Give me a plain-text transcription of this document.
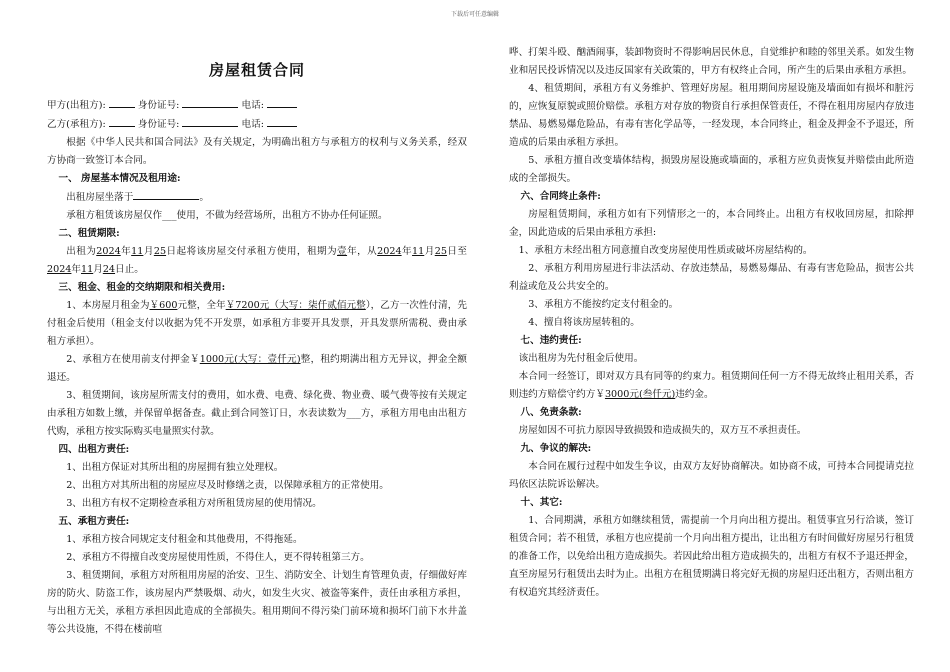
下载后可任意编辑
房屋租赁合同

甲方(出租方):	身份证号:	电话:

乙方(承租方):	身份证号:	电话:

根据《中华人民共和国合同法》及有关规定，为明确出租方与承租方的权利与义务关系，经双方协商一致签订本合同。

一、 房屋基本情况及租用途:

出租房屋坐落于	。

承租方租赁该房屋仅作___使用，不做为经营场所，出租方不协办任何证照。

二、租赁期限:

出租为2024年11月25日起将该房屋交付承租方使用，租期为壹年，从2024年11月25日至2024年11月24日止。

三、租金、租金的交纳期限和相关费用:

1、本房屋月租金为￥600元整，全年￥7200元（大写：柒仟贰佰元整），乙方一次性付清，先付租金后使用（租金支付以收据为凭不开发票，如承租方非要开具发票，开具发票所需税、费由承租方承担）。

2、承租方在使用前支付押金￥1000元(大写：壹仟元)整，租约期满出租方无异议，押金全额退还。

3、租赁期间，该房屋所需支付的费用，如水费、电费、绿化费、物业费、暖气费等按有关规定由承租方如数上缴，并保留单据备查。截止到合同签订日，水表读数为___方，承租方用电由出租方代购，承租方按实际购买电量照实付款。

四、出租方责任:

1、出租方保证对其所出租的房屋拥有独立处理权。

2、出租方对其所出租的房屋应尽及时修缮之责，以保障承租方的正常使用。

3、出租方有权不定期检查承租方对所租赁房屋的使用情况。

五、承租方责任:

1、承租方按合同规定支付租金和其他费用，不得拖延。

2、承租方不得擅自改变房屋使用性质，不得住人，更不得转租第三方。

3、租赁期间，承租方对所租用房屋的治安、卫生、消防安全、计划生育管理负责，仔细做好库房的防火、防盗工作，该房屋内严禁吸烟、动火，如发生火灾、被盗等案件，责任由承租方承担，与出租方无关，承租方承担因此造成的全部损失。租用期间不得污染门前环境和损坏门前下水井盖等公共设施，不得在楼前喧

哗、打架斗殴、酗酒闹事，装卸物资时不得影响居民休息，自觉维护和睦的邻里关系。如发生物业和居民投诉情况以及违反国家有关政策的，甲方有权终止合同，所产生的后果由承租方承担。

4、租赁期间，承租方有义务维护、管理好房屋。租用期间房屋设施及墙面如有损坏和脏污的，应恢复原貌或照价赔偿。承租方对存放的物资自行承担保管责任，不得在租用房屋内存放违禁品、易燃易爆危险品，有毒有害化学品等，一经发现，本合同终止，租金及押金不予退还，所造成的后果由承租方承担。

5、承租方擅自改变墙体结构，损毁房屋设施或墙面的，承租方应负责恢复并赔偿由此所造成的全部损失。

六、合同终止条件:

房屋租赁期间，承租方如有下列情形之一的，本合同终止。出租方有权收回房屋，扣除押金，因此造成的后果由承租方承担:

1、承租方未经出租方同意擅自改变房屋使用性质或破坏房屋结构的。

2、承租方利用房屋进行非法活动、存放违禁品，易燃易爆品、有毒有害危险品，损害公共利益或危及公共安全的。

3、承租方不能按约定支付租金的。

4、擅自将该房屋转租的。

七、违约责任:

该出租房为先付租金后使用。

本合同一经签订，即对双方具有同等的约束力。租赁期间任何一方不得无故终止租用关系，否则违约方赔偿守约方￥3000元(叁仟元)违约金。

八、免责条款:

房屋如因不可抗力原因导致损毁和造成损失的，双方互不承担责任。

九、争议的解决:

本合同在履行过程中如发生争议，由双方友好协商解决。如协商不成，可持本合同提请克拉玛依区法院诉讼解决。

十、其它:

1、合同期满，承租方如继续租赁，需提前一个月向出租方提出。租赁事宜另行洽谈，签订租赁合同；若不租赁，承租方也应提前一个月向出租方提出，让出租方有时间做好房屋另行租赁的准备工作，以免给出租方造成损失。若因此给出租方造成损失的，出租方有权不予退还押金，直至房屋另行租赁出去时为止。出租方在租赁期满日将完好无损的房屋归还出租方，否则出租方有权追究其经济责任。
